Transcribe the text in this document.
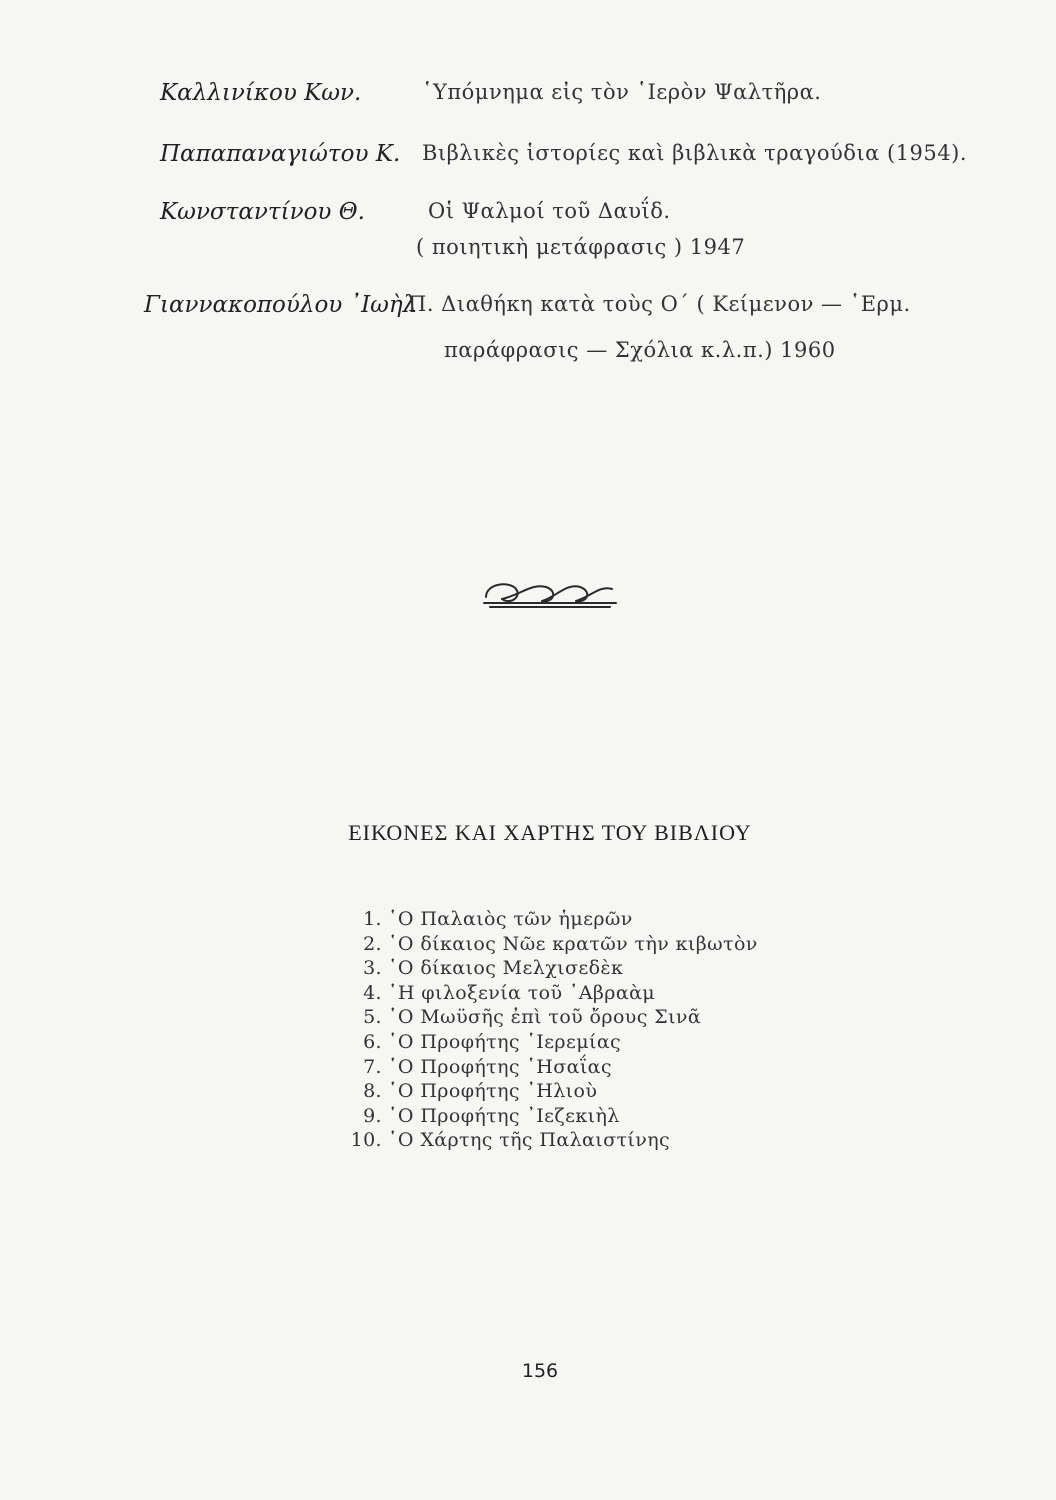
Καλλινίκου Κων.	῾Υπόμνημα εἰς τὸν ῾Ιερὸν Ψαλτῆρα.
Παπαπαναγιώτου Κ. Βιβλικὲς ἱστορίες καὶ βιβλικὰ τραγούδια (1954).
Κωνσταντίνου Θ.	Οἱ Ψαλμοί τοῦ Δαυΐδ.
( ποιητικὴ μετάφρασις ) 1947
Γιαννακοπούλου ᾿Ιωὴλ
Π. Διαθήκη κατὰ τοὺς Ο΄ ( Κείμενον — ῾Ερμ.
παράφρασις — Σχόλια κ.λ.π.) 1960
ΕΙΚΟΝΕΣ ΚΑΙ ΧΑΡΤΗΣ ΤΟΥ ΒΙΒΛΙΟΥ
1. ῾Ο Παλαιὸς τῶν ἡμερῶν
2. ῾Ο δίκαιος Νῶε κρατῶν τὴν κιβωτὸν
3. ῾Ο δίκαιος Μελχισεδὲκ
4. ῾Η φιλοξενία τοῦ ᾿Αβραὰμ
5. ῾Ο Μωϋσῆς ἐπὶ τοῦ ὄρους Σινᾶ
6. ῾Ο Προφήτης ῾Ιερεμίας
7. ῾Ο Προφήτης ῾Ησαΐας
8. ῾Ο Προφήτης ᾿Ηλιοὺ
9. ῾Ο Προφήτης ᾿Ιεζεκιὴλ
10. ῾Ο Χάρτης τῆς Παλαιστίνης
156
